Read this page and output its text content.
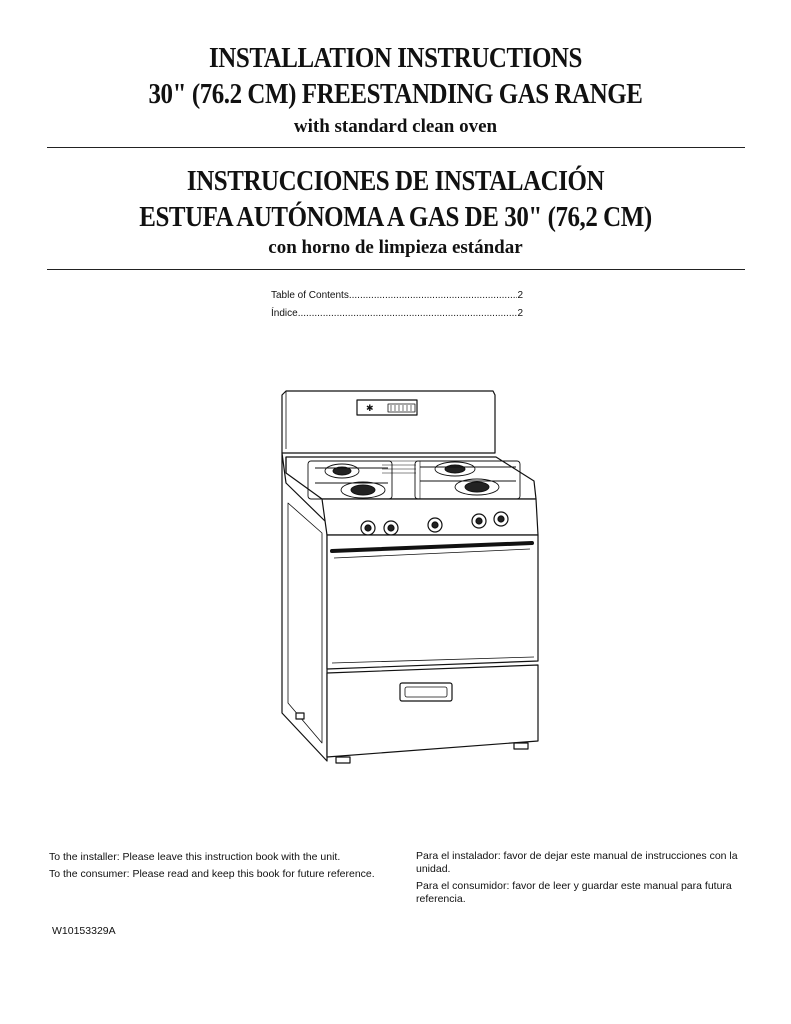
INSTALLATION INSTRUCTIONS
30" (76.2 CM) FREESTANDING GAS RANGE
with standard clean oven
INSTRUCCIONES DE INSTALACIÓN
ESTUFA AUTÓNOMA A GAS DE 30" (76,2 CM)
con horno de limpieza estándar
Table of Contents .....	2
Índice .....	2
✱

To the installer: Please leave this instruction book with the unit.

To the consumer: Please read and keep this book for future reference.

Para el instalador: favor de dejar este manual de instrucciones con la unidad.

Para el consumidor: favor de leer y guardar este manual para futura referencia.

W10153329A
